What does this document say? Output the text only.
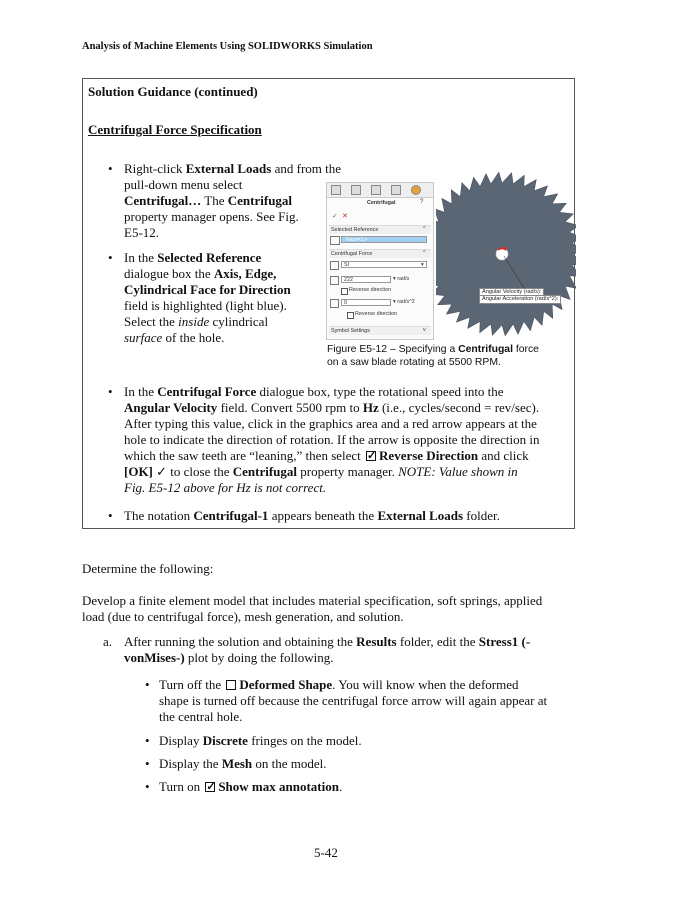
Analysis of Machine Elements Using SOLIDWORKS Simulation
Solution Guidance (continued)
Centrifugal Force Specification
• Right-click External Loads and from the
pull-down menu select
Centrifugal… The Centrifugal
property manager opens. See Fig.
E5-12.
• In the Selected Reference
dialogue box the Axis, Edge,
Cylindrical Face for Direction
field is highlighted (light blue).
Select the inside cylindrical
surface of the hole.
Centrifugal	?
✓ ✕
Selected Reference	^
Face<1>
Centrifugal Force	^
SI	▾
222	▾ rad/s
Reverse direction
0	▾ rad/s^2
Reverse direction
Symbol Settings	v
Angular Velocity (rad/s):
Angular Acceleration (rad/s^2):
Figure E5-12 – Specifying a Centrifugal force
on a saw blade rotating at 5500 RPM.
• In the Centrifugal Force dialogue box, type the rotational speed into the
Angular Velocity field. Convert 5500 rpm to Hz (i.e., cycles/second = rev/sec).
After typing this value, click in the graphics area and a red arrow appears at the
hole to indicate the direction of rotation. If the arrow is opposite the direction in
which the saw teeth are “leaning,” then select ✓Reverse Direction and click
[OK] ✓ to close the Centrifugal property manager. NOTE: Value shown in
Fig. E5-12 above for Hz is not correct.
• The notation Centrifugal-1 appears beneath the External Loads folder.
Determine the following:
Develop a finite element model that includes material specification, soft springs, applied
load (due to centrifugal force), mesh generation, and solution.
a. After running the solution and obtaining the Results folder, edit the Stress1 (-
vonMises-) plot by doing the following.
• Turn off the Deformed Shape. You will know when the deformed
shape is turned off because the centrifugal force arrow will again appear at
the central hole.
• Display Discrete fringes on the model.
• Display the Mesh on the model.
• Turn on ✓Show max annotation.
5-42
